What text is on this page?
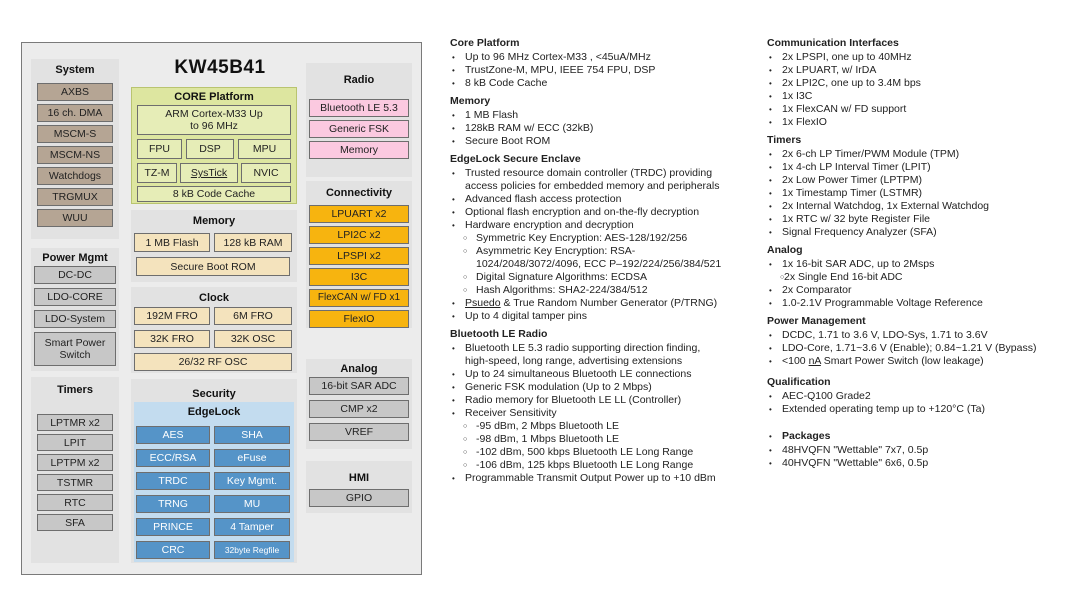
System
AXBS
16 ch. DMA
MSCM-S
MSCM-NS
Watchdogs
TRGMUX
WUU
Power Mgmt
DC-DC
LDO-CORE
LDO-System
Smart Power Switch
Timers
LPTMR x2
LPIT
LPTPM x2
TSTMR
RTC
SFA
KW45B41
CORE Platform
ARM Cortex-M33 Up to 96 MHz
FPU	DSP	MPU
TZ-M	SysTick	NVIC
8 kB Code Cache
Memory
1 MB Flash	128 kB RAM
Secure Boot ROM
Clock
192M FRO	6M FRO
32K FRO	32K OSC
26/32 RF OSC
Security
EdgeLock
AES	SHA
ECC/RSA	eFuse
TRDC	Key Mgmt.
TRNG	MU
PRINCE	4 Tamper
CRC	32byte Regfile
Radio
Bluetooth LE 5.3
Generic FSK
Memory
Connectivity
LPUART x2
LPI2C x2
LPSPI x2
I3C
FlexCAN w/ FD x1
FlexIO
Analog
16-bit SAR ADC
CMP x2
VREF
HMI
GPIO
Core Platform
• Up to 96 MHz Cortex-M33 , <45uA/MHz
• TrustZone-M, MPU, IEEE 754 FPU, DSP
• 8 kB Code Cache
Memory
• 1 MB Flash
• 128kB RAM w/ ECC (32kB)
• Secure Boot ROM
EdgeLock Secure Enclave
• Trusted resource domain controller (TRDC) providing
access policies for embedded memory and peripherals
• Advanced flash access protection
• Optional flash encryption and on-the-fly decryption
• Hardware encryption and decryption
○ Symmetric Key Encryption: AES-128/192/256
○ Asymmetric Key Encryption: RSA-
1024/2048/3072/4096, ECC P–192/224/256/384/521
○ Digital Signature Algorithms: ECDSA
○ Hash Algorithms: SHA2-224/384/512
• Psuedo & True Random Number Generator (P/TRNG)
• Up to 4 digital tamper pins
Bluetooth LE Radio
• Bluetooth LE 5.3 radio supporting direction finding,
high-speed, long range, advertising extensions
• Up to 24 simultaneous Bluetooth LE connections
• Generic FSK modulation (Up to 2 Mbps)
• Radio memory for Bluetooth LE LL (Controller)
• Receiver Sensitivity
○ -95 dBm, 2 Mbps Bluetooth LE
○ -98 dBm, 1 Mbps Bluetooth LE
○ -102 dBm, 500 kbps Bluetooth LE Long Range
○ -106 dBm, 125 kbps Bluetooth LE Long Range
• Programmable Transmit Output Power up to +10 dBm
Communication Interfaces
• 2x LPSPI, one up to 40MHz
• 2x LPUART, w/ IrDA
• 2x LPI2C, one up to 3.4M bps
• 1x I3C
• 1x FlexCAN w/ FD support
• 1x FlexIO
Timers
• 2x 6-ch LP Timer/PWM Module (TPM)
• 1x 4-ch LP Interval Timer (LPIT)
• 2x Low Power Timer (LPTPM)
• 1x Timestamp Timer (LSTMR)
• 2x Internal Watchdog, 1x External Watchdog
• 1x RTC w/ 32 byte Register File
• Signal Frequency Analyzer (SFA)
Analog
• 1x 16-bit SAR ADC, up to 2Msps
○ 2x Single End 16-bit ADC
• 2x Comparator
• 1.0-2.1V Programmable Voltage Reference
Power Management
• DCDC, 1.71 to 3.6 V, LDO-Sys, 1.71 to 3.6V
• LDO-Core, 1.71~3.6 V (Enable); 0.84~1.21 V (Bypass)
• <100 nA Smart Power Switch (low leakage)
Qualification
• AEC-Q100 Grade2
• Extended operating temp up to +120°C (Ta)
• Packages
• 48HVQFN "Wettable" 7x7, 0.5p
• 40HVQFN "Wettable" 6x6, 0.5p
